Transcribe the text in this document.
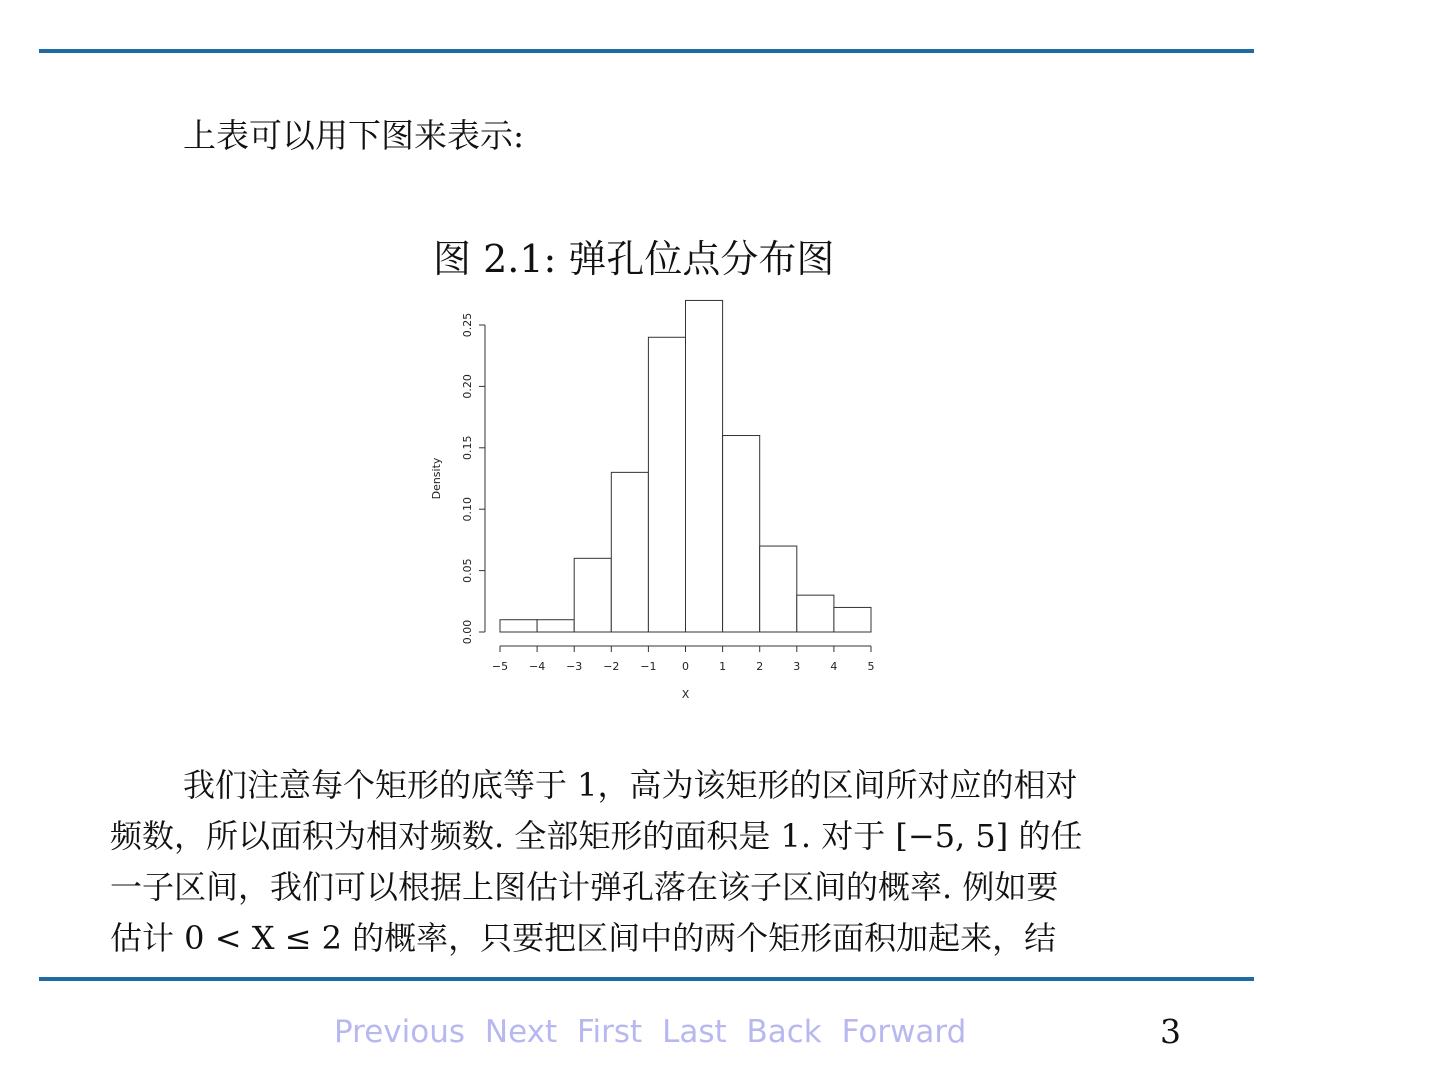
上表可以用下图来表示:
图 2.1: 弹孔位点分布图
0.00
0.05
0.10
0.15
0.20
0.25
Density
−5 −4 −3 −2 −1 0	1	2	3	4	5
X
我们注意每个矩形的底等于 1，高为该矩形的区间所对应的相对
频数，所以面积为相对频数. 全部矩形的面积是 1. 对于 [−5, 5] 的任
一子区间，我们可以根据上图估计弹孔落在该子区间的概率. 例如要
估计 0 < X ≤ 2 的概率，只要把区间中的两个矩形面积加起来，结
Previous Next First Last Back Forward	3
